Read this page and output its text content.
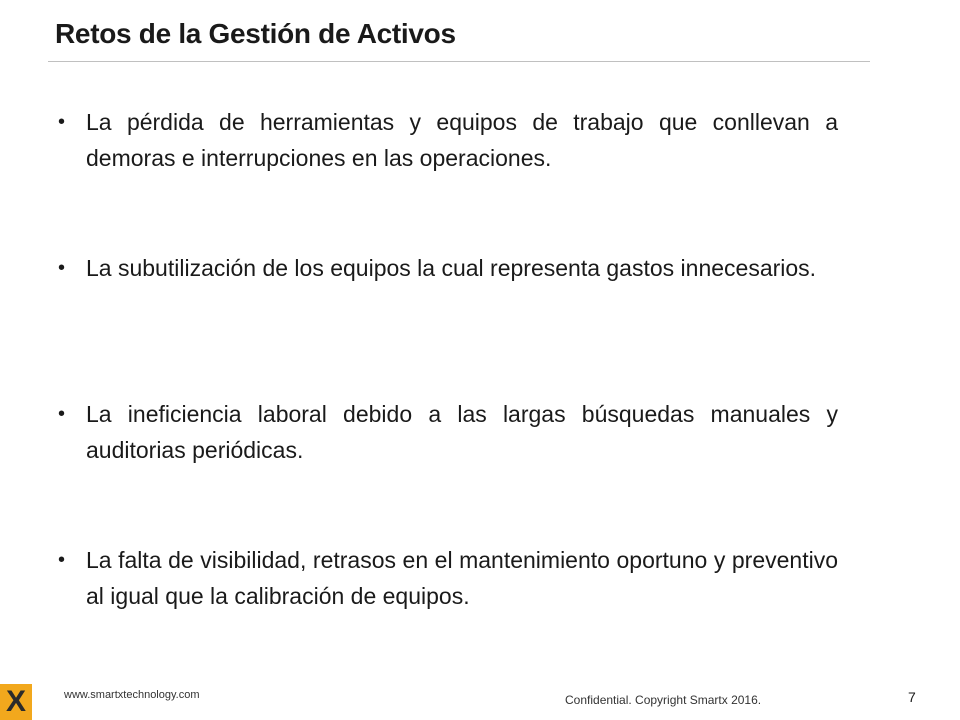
Retos de la Gestión de Activos
• La pérdida de herramientas y equipos de trabajo que conllevan a demoras e interrupciones en las operaciones.
• La subutilización de los equipos la cual representa gastos innecesarios.
• La ineficiencia laboral debido a las largas búsquedas manuales y auditorias periódicas.
• La falta de visibilidad, retrasos en el mantenimiento oportuno y preventivo al igual que la calibración de equipos.
X	www.smartxtechnology.com	Confidential. Copyright Smartx 2016.	7
